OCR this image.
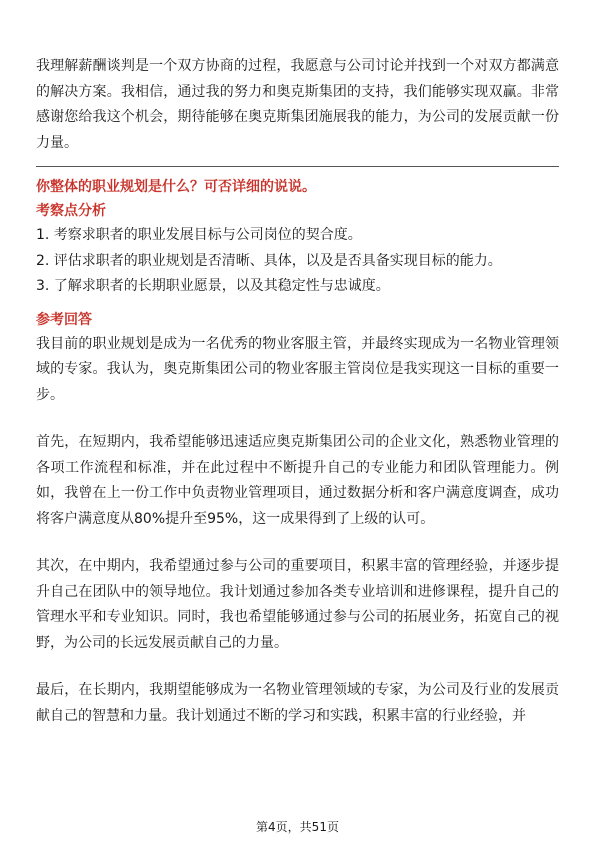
我理解薪酬谈判是一个双方协商的过程，我愿意与公司讨论并找到一个对双方都满意的解决方案。我相信，通过我的努力和奥克斯集团的支持，我们能够实现双赢。非常感谢您给我这个机会，期待能够在奥克斯集团施展我的能力，为公司的发展贡献一份力量。

你整体的职业规划是什么？可否详细的说说。

考察点分析

1. 考察求职者的职业发展目标与公司岗位的契合度。

2. 评估求职者的职业规划是否清晰、具体，以及是否具备实现目标的能力。

3. 了解求职者的长期职业愿景，以及其稳定性与忠诚度。

参考回答

我目前的职业规划是成为一名优秀的物业客服主管，并最终实现成为一名物业管理领域的专家。我认为，奥克斯集团公司的物业客服主管岗位是我实现这一目标的重要一步。

首先，在短期内，我希望能够迅速适应奥克斯集团公司的企业文化，熟悉物业管理的各项工作流程和标准，并在此过程中不断提升自己的专业能力和团队管理能力。例如，我曾在上一份工作中负责物业管理项目，通过数据分析和客户满意度调查，成功将客户满意度从80%提升至95%，这一成果得到了上级的认可。

其次，在中期内，我希望通过参与公司的重要项目，积累丰富的管理经验，并逐步提升自己在团队中的领导地位。我计划通过参加各类专业培训和进修课程，提升自己的管理水平和专业知识。同时，我也希望能够通过参与公司的拓展业务，拓宽自己的视野，为公司的长远发展贡献自己的力量。

最后，在长期内，我期望能够成为一名物业管理领域的专家，为公司及行业的发展贡献自己的智慧和力量。我计划通过不断的学习和实践，积累丰富的行业经验，并

第4页，共51页
